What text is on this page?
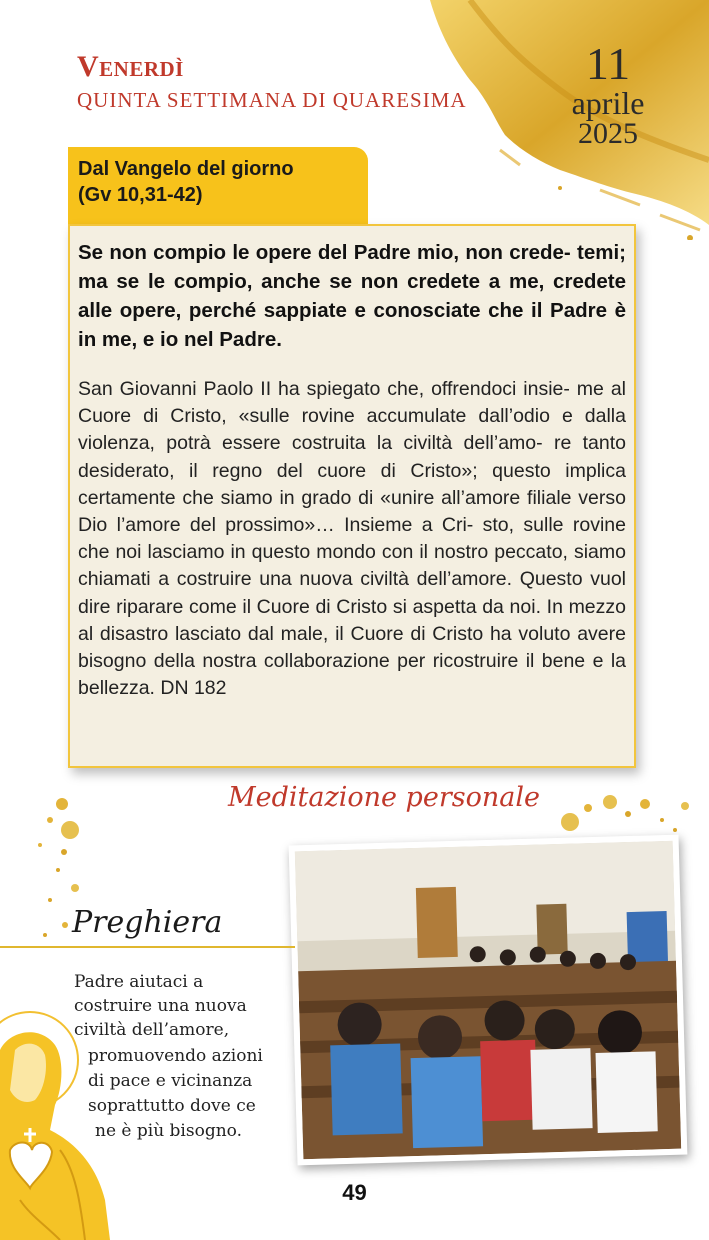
Venerdì
QUINTA SETTIMANA DI QUARESIMA
11
aprile
2025
Dal Vangelo del giorno
(Gv 10,31-42)
Se non compio le opere del Padre mio, non crede- temi; ma se le compio, anche se non credete a me, credete alle opere, perché sappiate e conosciate che il Padre è in me, e io nel Padre.
San Giovanni Paolo II ha spiegato che, offrendoci insie- me al Cuore di Cristo, «sulle rovine accumulate dall’odio e dalla violenza, potrà essere costruita la civiltà dell’amo- re tanto desiderato, il regno del cuore di Cristo»; questo implica certamente che siamo in grado di «unire all’amore filiale verso Dio l’amore del prossimo»… Insieme a Cri- sto, sulle rovine che noi lasciamo in questo mondo con il nostro peccato, siamo chiamati a costruire una nuova civiltà dell’amore. Questo vuol dire riparare come il Cuore di Cristo si aspetta da noi. In mezzo al disastro lasciato dal male, il Cuore di Cristo ha voluto avere bisogno della nostra collaborazione per ricostruire il bene e la bellezza. DN 182
Meditazione personale
Preghiera
Padre aiutaci a
costruire una nuova
civiltà dell’amore,
promuovendo azioni
di pace e vicinanza
soprattutto dove ce
ne è più bisogno.
49
